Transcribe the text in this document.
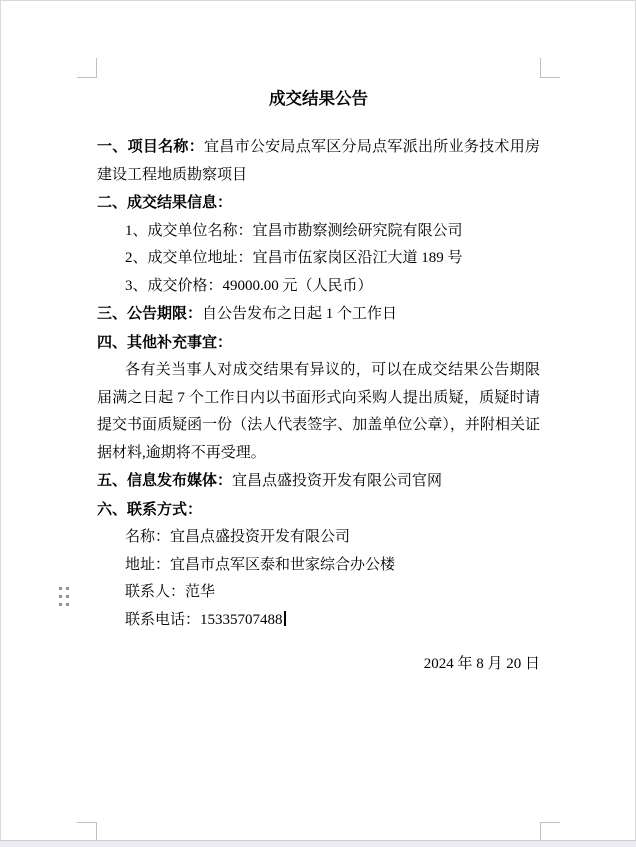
成交结果公告

一、项目名称：宜昌市公安局点军区分局点军派出所业务技术用房建设工程地质勘察项目

二、成交结果信息：

1、成交单位名称：宜昌市勘察测绘研究院有限公司

2、成交单位地址：宜昌市伍家岗区沿江大道 189 号

3、成交价格：49000.00 元（人民币）

三、公告期限：自公告发布之日起 1 个工作日

四、其他补充事宜：

各有关当事人对成交结果有异议的，可以在成交结果公告期限届满之日起 7 个工作日内以书面形式向采购人提出质疑，质疑时请提交书面质疑函一份（法人代表签字、加盖单位公章），并附相关证据材料,逾期将不再受理。

五、信息发布媒体：宜昌点盛投资开发有限公司官网

六、联系方式：

名称：宜昌点盛投资开发有限公司

地址：宜昌市点军区泰和世家综合办公楼

联系人：范华

联系电话：15335707488

2024 年 8 月 20 日
